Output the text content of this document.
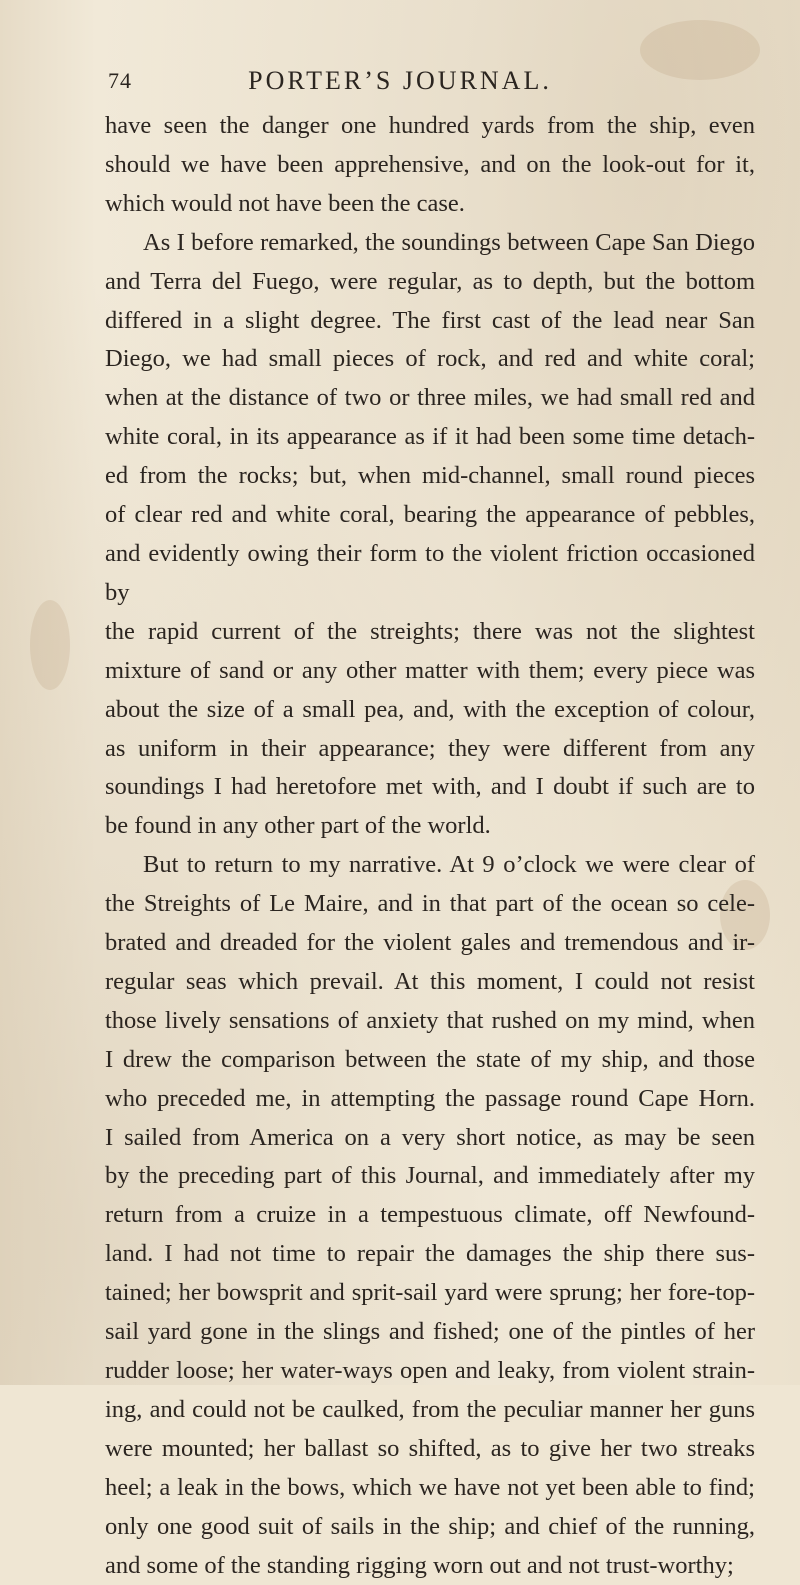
74	PORTER’S JOURNAL.
have seen the danger one hundred yards from the ship, even
should we have been apprehensive, and on the look-out for it,
which would not have been the case.
As I before remarked, the soundings between Cape San Diego
and Terra del Fuego, were regular, as to depth, but the bottom
differed in a slight degree. The first cast of the lead near San
Diego, we had small pieces of rock, and red and white coral;
when at the distance of two or three miles, we had small red and
white coral, in its appearance as if it had been some time detach-
ed from the rocks; but, when mid-channel, small round pieces
of clear red and white coral, bearing the appearance of pebbles,
and evidently owing their form to the violent friction occasioned by
the rapid current of the streights; there was not the slightest
mixture of sand or any other matter with them; every piece was
about the size of a small pea, and, with the exception of colour,
as uniform in their appearance; they were different from any
soundings I had heretofore met with, and I doubt if such are to
be found in any other part of the world.
But to return to my narrative. At 9 o’clock we were clear of
the Streights of Le Maire, and in that part of the ocean so cele-
brated and dreaded for the violent gales and tremendous and ir-
regular seas which prevail. At this moment, I could not resist
those lively sensations of anxiety that rushed on my mind, when
I drew the comparison between the state of my ship, and those
who preceded me, in attempting the passage round Cape Horn.
I sailed from America on a very short notice, as may be seen
by the preceding part of this Journal, and immediately after my
return from a cruize in a tempestuous climate, off Newfound-
land. I had not time to repair the damages the ship there sus-
tained; her bowsprit and sprit-sail yard were sprung; her fore-top-
sail yard gone in the slings and fished; one of the pintles of her
rudder loose; her water-ways open and leaky, from violent strain-
ing, and could not be caulked, from the peculiar manner her guns
were mounted; her ballast so shifted, as to give her two streaks
heel; a leak in the bows, which we have not yet been able to find;
only one good suit of sails in the ship; and chief of the running,
and some of the standing rigging worn out and not trust-worthy;
